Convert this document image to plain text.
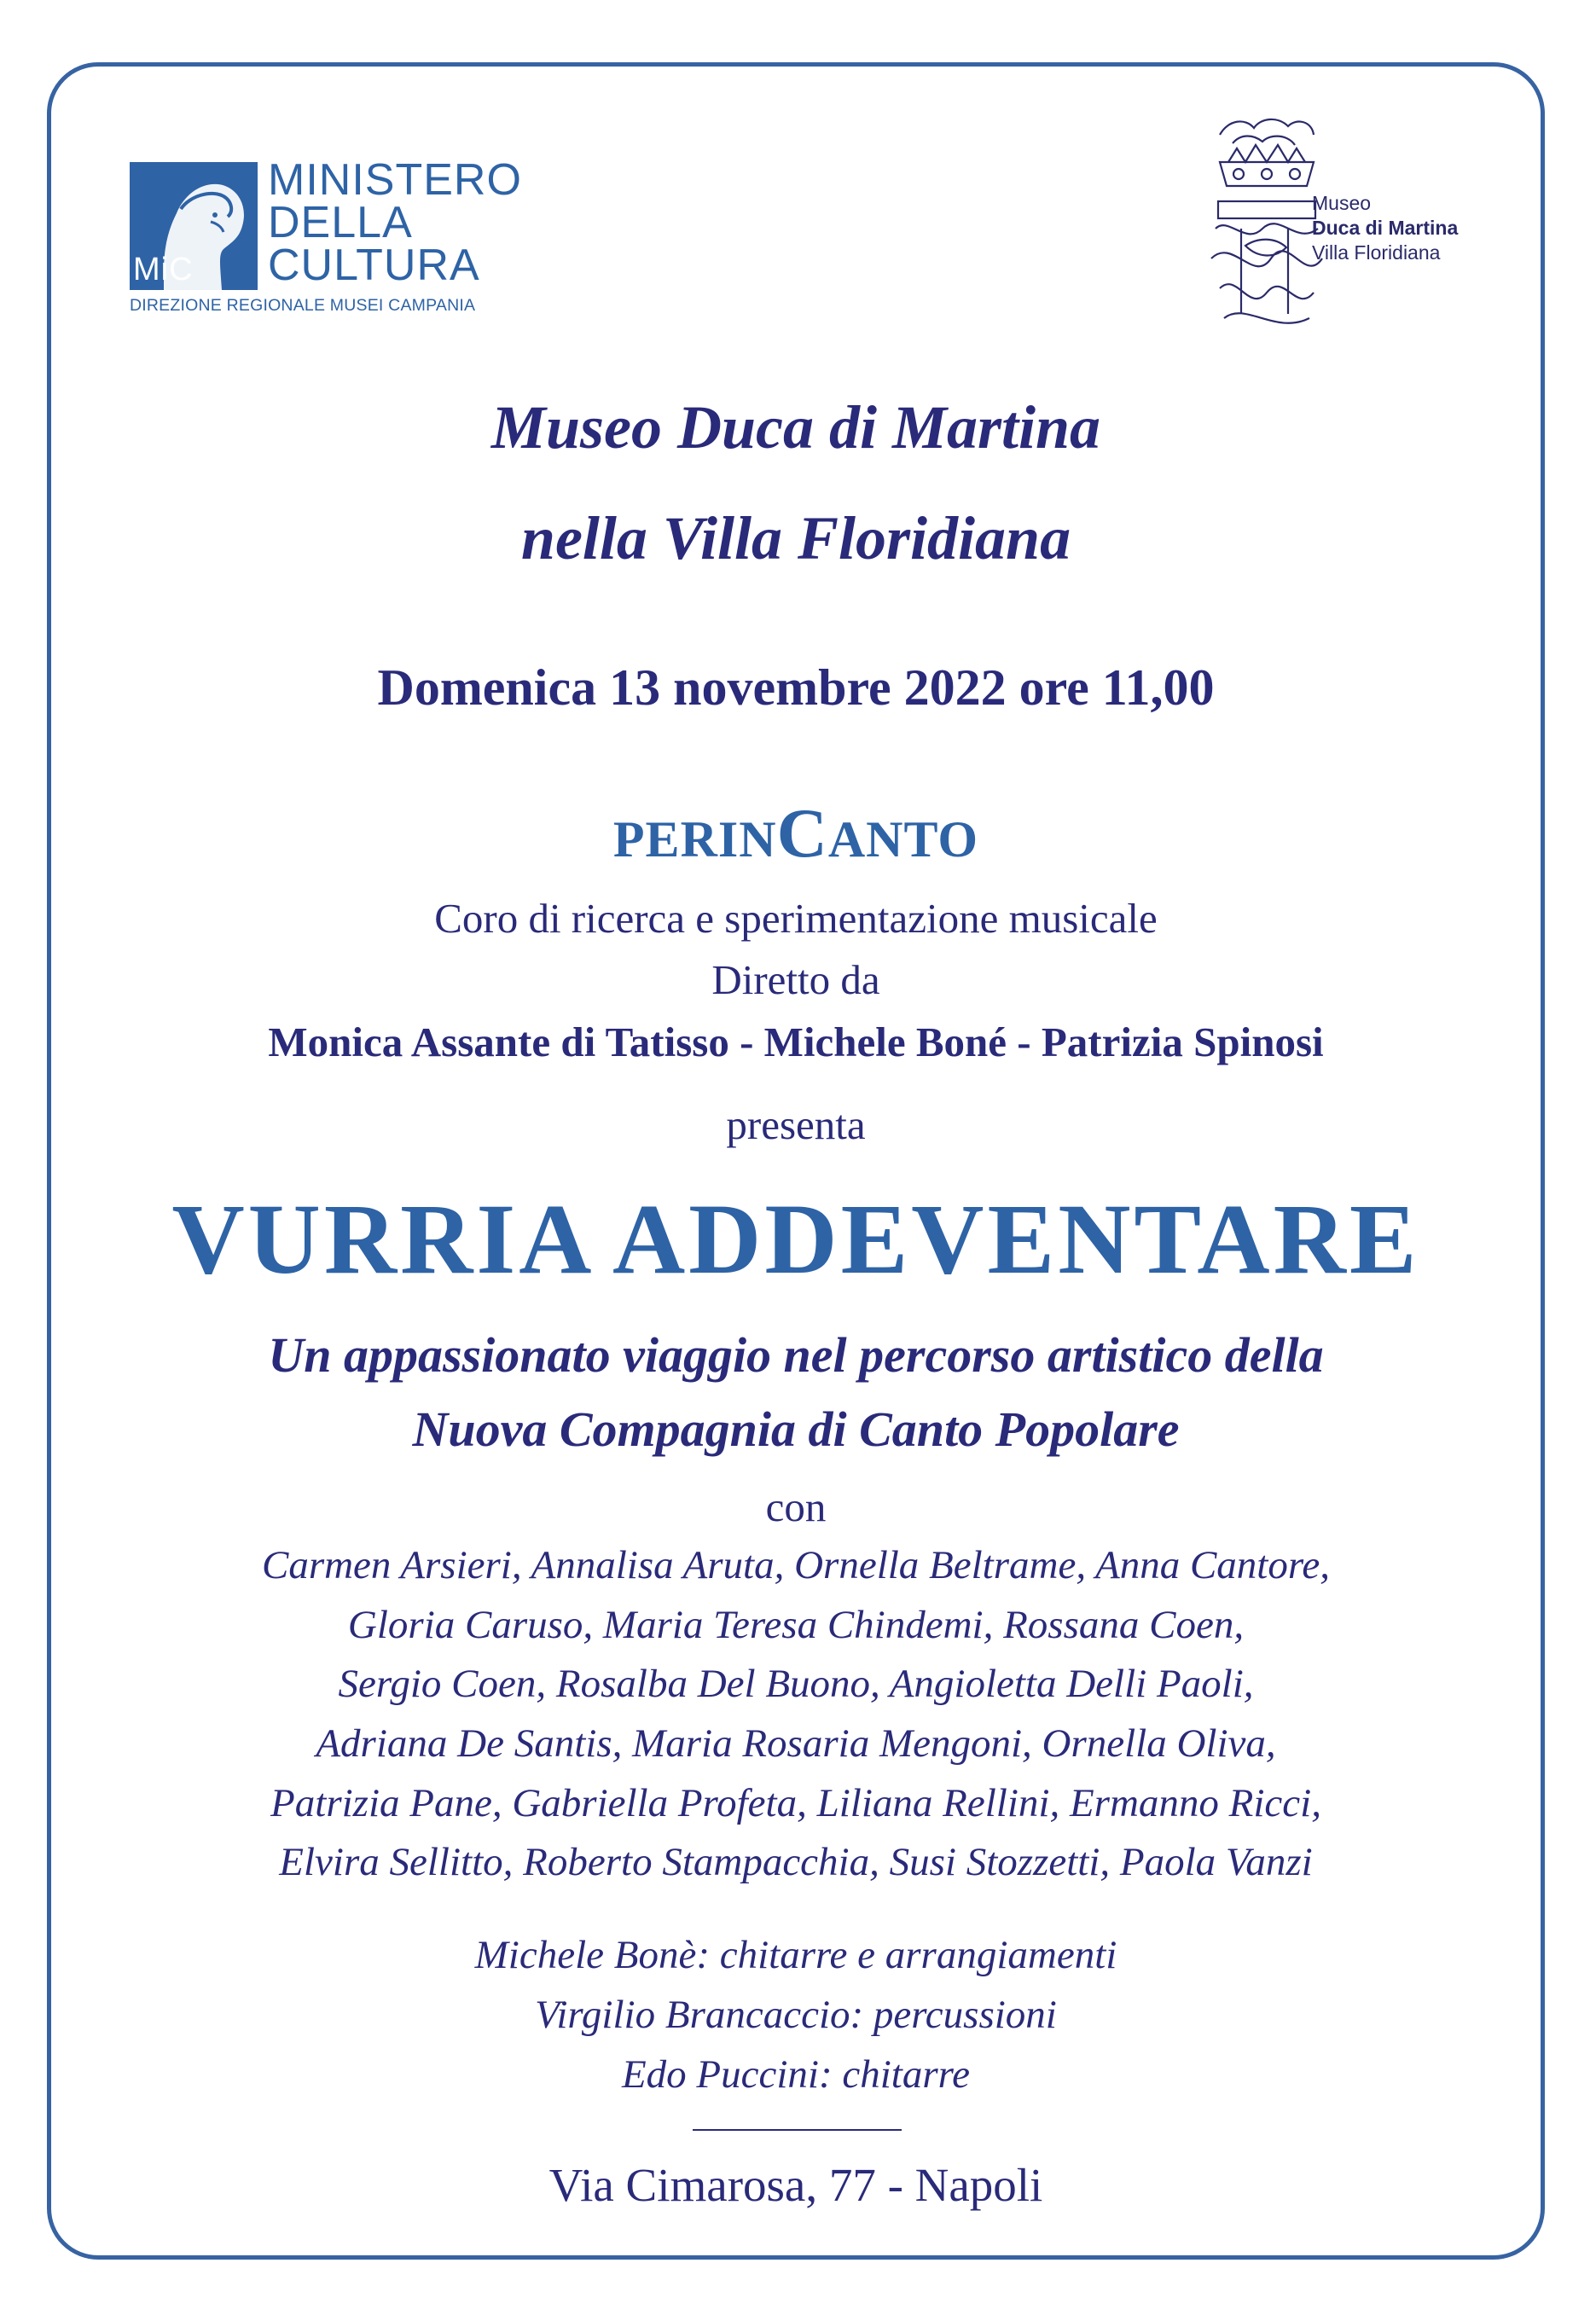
MiC
MINISTERO
DELLA
CULTURA
DIREZIONE REGIONALE MUSEI CAMPANIA
Museo
Duca di Martina
Villa Floridiana
Museo Duca di Martina
nella Villa Floridiana
Domenica 13 novembre 2022 ore 11,00
PERINCANTO
Coro di ricerca e sperimentazione musicale
Diretto da
Monica Assante di Tatisso - Michele Boné - Patrizia Spinosi
presenta
VURRIA ADDEVENTARE
Un appassionato viaggio nel percorso artistico della
Nuova Compagnia di Canto Popolare
con
Carmen Arsieri, Annalisa Aruta, Ornella Beltrame, Anna Cantore,
Gloria Caruso, Maria Teresa Chindemi, Rossana Coen,
Sergio Coen, Rosalba Del Buono, Angioletta Delli Paoli,
Adriana De Santis, Maria Rosaria Mengoni, Ornella Oliva,
Patrizia Pane, Gabriella Profeta, Liliana Rellini, Ermanno Ricci,
Elvira Sellitto, Roberto Stampacchia, Susi Stozzetti, Paola Vanzi
Michele Bonè: chitarre e arrangiamenti
Virgilio Brancaccio: percussioni
Edo Puccini: chitarre
Via Cimarosa, 77 - Napoli
